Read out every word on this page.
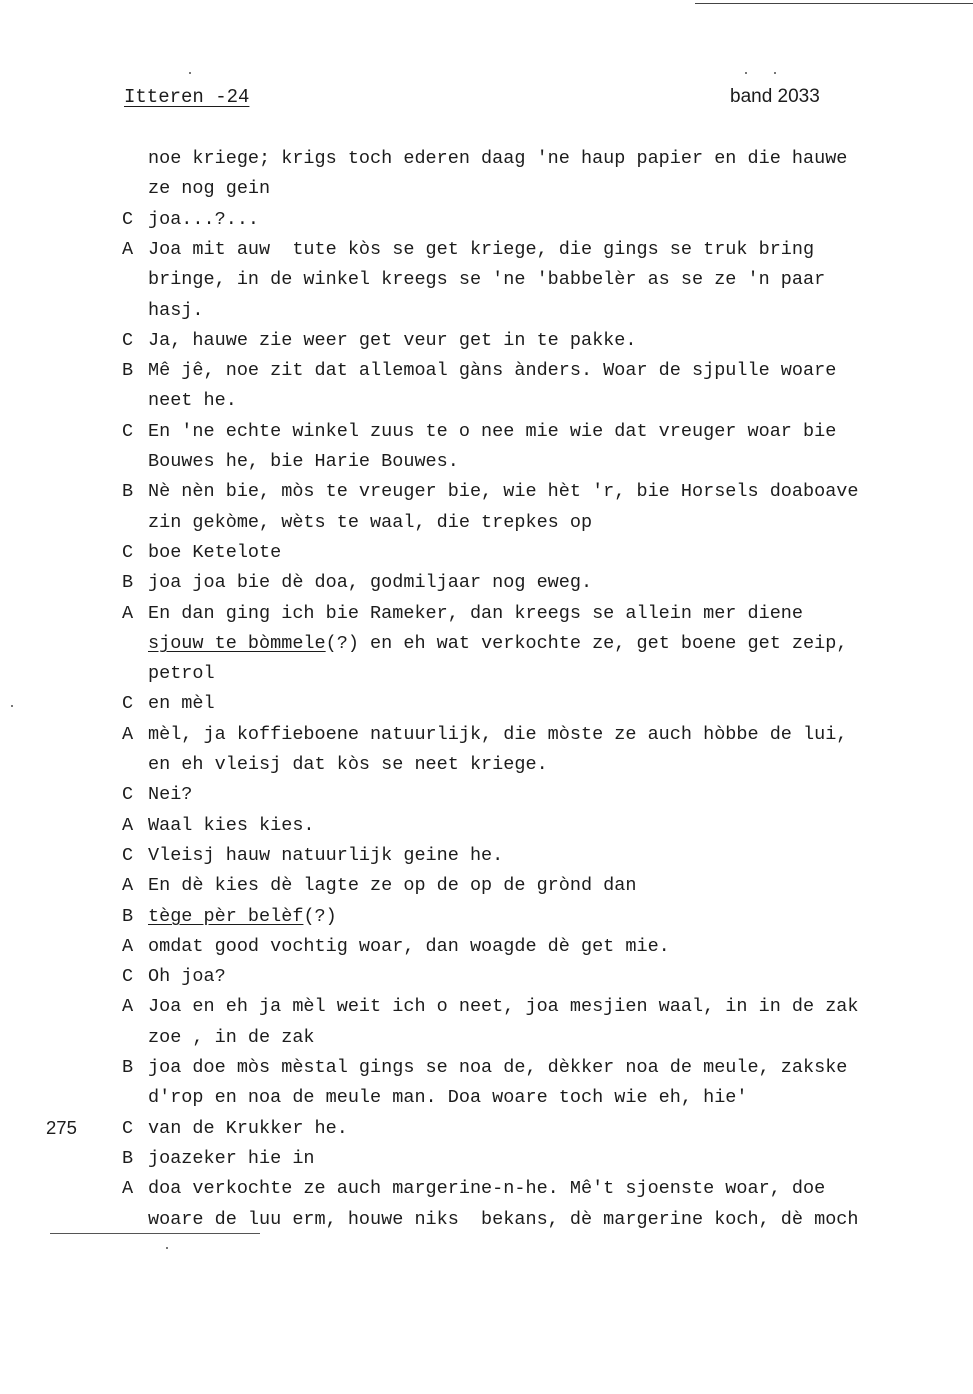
Itteren -24	band 2033
275
noe kriege; krigs toch ederen daag 'ne haup papier en die hauwe
ze nog gein
C joa...?...
A Joa mit auw  tute kòs se get kriege, die gings se truk bring
bringe, in de winkel kreegs se 'ne 'babbelèr as se ze 'n paar
hasj.
C Ja, hauwe zie weer get veur get in te pakke.
B Mê jê, noe zit dat allemoal gàns ànders. Woar de sjpulle woare
neet he.
C En 'ne echte winkel zuus te o nee mie wie dat vreuger woar bie
Bouwes he, bie Harie Bouwes.
B Nè nèn bie, mòs te vreuger bie, wie hèt 'r, bie Horsels doaboave
zin gekòme, wèts te waal, die trepkes op
C boe Ketelote
B joa joa bie dè doa, godmiljaar nog eweg.
A En dan ging ich bie Rameker, dan kreegs se allein mer diene
sjouw te bòmmele(?) en eh wat verkochte ze, get boene get zeip,
petrol
C en mèl
A mèl, ja koffieboene natuurlijk, die mòste ze auch hòbbe de lui,
en eh vleisj dat kòs se neet kriege.
C Nei?
A Waal kies kies.
C Vleisj hauw natuurlijk geine he.
A En dè kies dè lagte ze op de op de grònd dan
B tège pèr belèf(?)
A omdat good vochtig woar, dan woagde dè get mie.
C Oh joa?
A Joa en eh ja mèl weit ich o neet, joa mesjien waal, in in de zak
zoe , in de zak
B joa doe mòs mèstal gings se noa de, dèkker noa de meule, zakske
d'rop en noa de meule man. Doa woare toch wie eh, hie'
C van de Krukker he.
B joazeker hie in
A doa verkochte ze auch margerine-n-he. Mê't sjoenste woar, doe
woare de luu erm, houwe niks  bekans, dè margerine koch, dè moch
